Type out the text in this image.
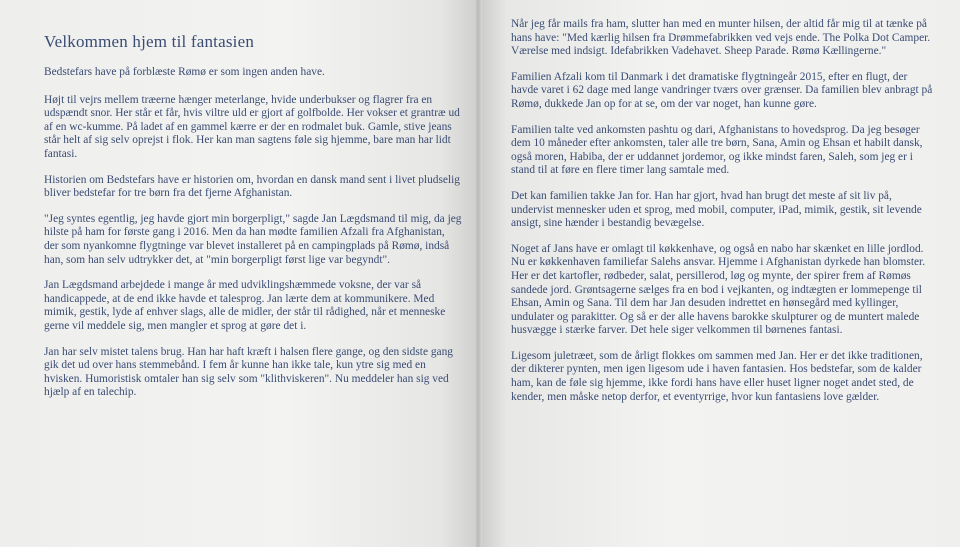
Velkommen hjem til fantasien

Bedstefars have på forblæste Rømø er som ingen anden have.

Højt til vejrs mellem træerne hænger meterlange, hvide underbukser og flagrer fra en udspændt snor. Her står et får, hvis viltre uld er gjort af golfbolde. Her vokser et grantræ ud af en wc-kumme. På ladet af en gammel kærre er der en rodmalet buk. Gamle, stive jeans står helt af sig selv oprejst i flok. Her kan man sagtens føle sig hjemme, bare man har lidt fantasi.

Historien om Bedstefars have er historien om, hvordan en dansk mand sent i livet pludselig bliver bedstefar for tre børn fra det fjerne Afghanistan.

"Jeg syntes egentlig, jeg havde gjort min borgerpligt," sagde Jan Lægdsmand til mig, da jeg hilste på ham for første gang i 2016. Men da han mødte familien Afzali fra Afghanistan, der som nyankomne flygtninge var blevet installeret på en campingplads på Rømø, indså han, som han selv udtrykker det, at "min borgerpligt først lige var begyndt".

Jan Lægdsmand arbejdede i mange år med udviklingshæmmede voksne, der var så handicappede, at de end ikke havde et talesprog. Jan lærte dem at kommunikere. Med mimik, gestik, lyde af enhver slags, alle de midler, der står til rådighed, når et menneske gerne vil meddele sig, men mangler et sprog at gøre det i.

Jan har selv mistet talens brug. Han har haft kræft i halsen flere gange, og den sidste gang gik det ud over hans stemmebånd. I fem år kunne han ikke tale, kun ytre sig med en hvisken. Humoristisk omtaler han sig selv som "klithviskeren". Nu meddeler han sig ved hjælp af en talechip.

Når jeg får mails fra ham, slutter han med en munter hilsen, der altid får mig til at tænke på hans have: "Med kærlig hilsen fra Drømmefabrikken ved vejs ende. The Polka Dot Camper. Værelse med indsigt. Idefabrikken Vadehavet. Sheep Parade. Rømø Kællingerne."

Familien Afzali kom til Danmark i det dramatiske flygtningeår 2015, efter en flugt, der havde varet i 62 dage med lange vandringer tværs over grænser. Da familien blev anbragt på Rømø, dukkede Jan op for at se, om der var noget, han kunne gøre.

Familien talte ved ankomsten pashtu og dari, Afghanistans to hovedsprog. Da jeg besøger dem 10 måneder efter ankomsten, taler alle tre børn, Sana, Amin og Ehsan et habilt dansk, også moren, Habiba, der er uddannet jordemor, og ikke mindst faren, Saleh, som jeg er i stand til at føre en flere timer lang samtale med.

Det kan familien takke Jan for. Han har gjort, hvad han brugt det meste af sit liv på, undervist mennesker uden et sprog, med mobil, computer, iPad, mimik, gestik, sit levende ansigt, sine hænder i bestandig bevægelse.

Noget af Jans have er omlagt til køkkenhave, og også en nabo har skænket en lille jordlod. Nu er køkkenhaven familiefar Salehs ansvar. Hjemme i Afghanistan dyrkede han blomster. Her er det kartofler, rødbeder, salat, persillerod, løg og mynte, der spirer frem af Rømøs sandede jord. Grøntsagerne sælges fra en bod i vejkanten, og indtægten er lommepenge til Ehsan, Amin og Sana. Til dem har Jan desuden indrettet en hønsegård med kyllinger, undulater og parakitter. Og så er der alle havens barokke skulpturer og de muntert malede husvægge i stærke farver. Det hele siger velkommen til børnenes fantasi.

Ligesom juletræet, som de årligt flokkes om sammen med Jan. Her er det ikke traditionen, der dikterer pynten, men igen ligesom ude i haven fantasien. Hos bedstefar, som de kalder ham, kan de føle sig hjemme, ikke fordi hans have eller huset ligner noget andet sted, de kender, men måske netop derfor, et eventyrrige, hvor kun fantasiens love gælder.
